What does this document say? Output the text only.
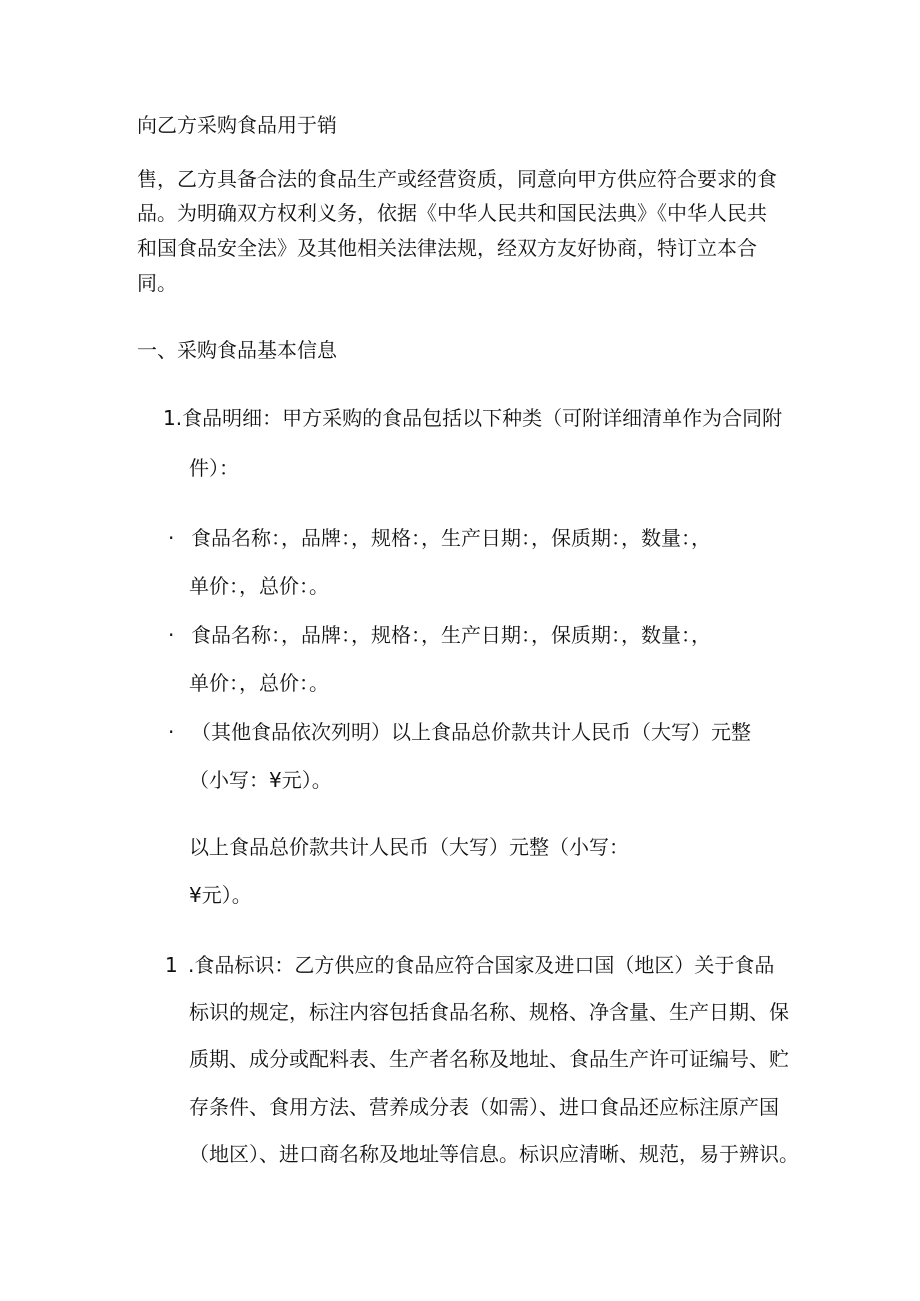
向乙方采购食品用于销
售，乙方具备合法的食品生产或经营资质，同意向甲方供应符合要求的食
品。为明确双方权利义务，依据《中华人民共和国民法典》《中华人民共
和国食品安全法》及其他相关法律法规，经双方友好协商，特订立本合
同。
一、采购食品基本信息
1.食品明细：甲方采购的食品包括以下种类（可附详细清单作为合同附
件）：
· 食品名称：，品牌：，规格：，生产日期：，保质期：，数量：，
单价：，总价：。
· 食品名称：，品牌：，规格：，生产日期：，保质期：，数量：，
单价：，总价：。
· （其他食品依次列明）以上食品总价款共计人民币（大写）元整
（小写：¥元）。
以上食品总价款共计人民币（大写）元整（小写：
¥元）。
1 .食品标识：乙方供应的食品应符合国家及进口国（地区）关于食品
标识的规定，标注内容包括食品名称、规格、净含量、生产日期、保
质期、成分或配料表、生产者名称及地址、食品生产许可证编号、贮
存条件、食用方法、营养成分表（如需）、进口食品还应标注原产国
（地区）、进口商名称及地址等信息。标识应清晰、规范，易于辨识。
